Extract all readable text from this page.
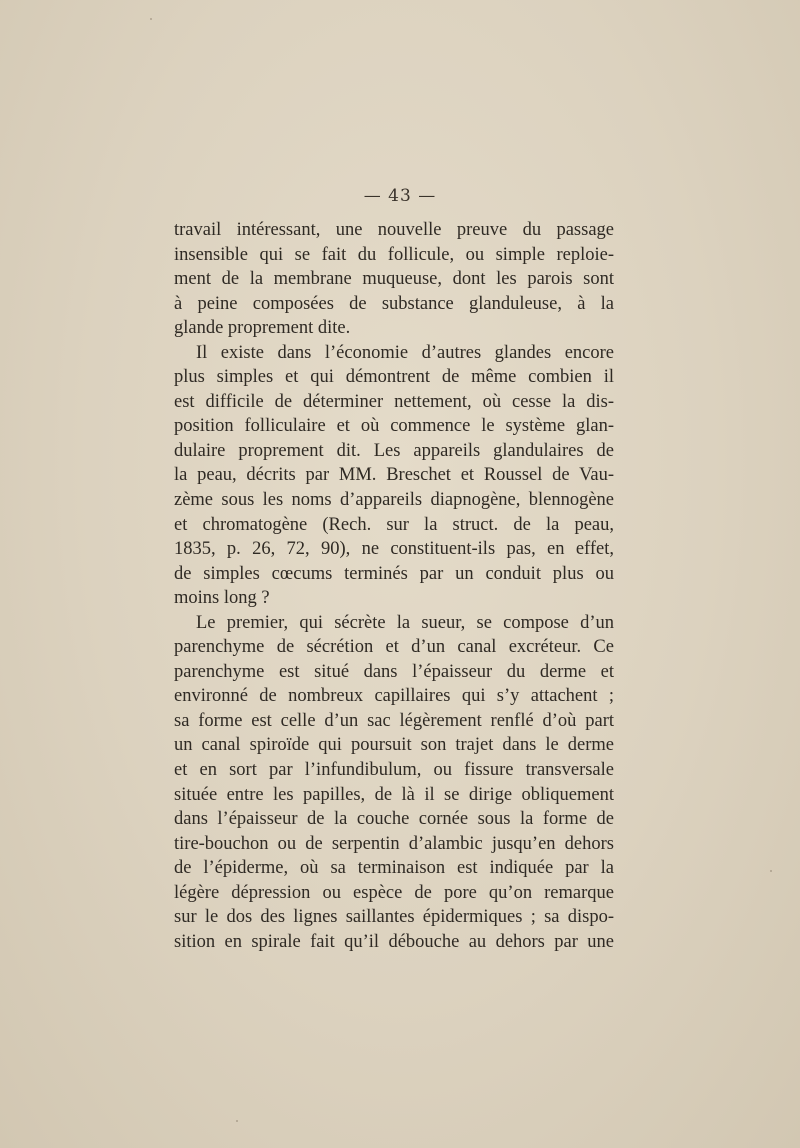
— 43 —
travail intéressant, une nouvelle preuve du passage
insensible qui se fait du follicule, ou simple reploie-
ment de la membrane muqueuse, dont les parois sont
à peine composées de substance glanduleuse, à la
glande proprement dite.
Il existe dans l’économie d’autres glandes encore
plus simples et qui démontrent de même combien il
est difficile de déterminer nettement, où cesse la dis-
position folliculaire et où commence le système glan-
dulaire proprement dit. Les appareils glandulaires de
la peau, décrits par MM. Breschet et Roussel de Vau-
zème sous les noms d’appareils diapnogène, blennogène
et chromatogène (Rech. sur la struct. de la peau,
1835, p. 26, 72, 90), ne constituent-ils pas, en effet,
de simples cœcums terminés par un conduit plus ou
moins long ?
Le premier, qui sécrète la sueur, se compose d’un
parenchyme de sécrétion et d’un canal excréteur. Ce
parenchyme est situé dans l’épaisseur du derme et
environné de nombreux capillaires qui s’y attachent ;
sa forme est celle d’un sac légèrement renflé d’où part
un canal spiroïde qui poursuit son trajet dans le derme
et en sort par l’infundibulum, ou fissure transversale
située entre les papilles, de là il se dirige obliquement
dans l’épaisseur de la couche cornée sous la forme de
tire-bouchon ou de serpentin d’alambic jusqu’en dehors
de l’épiderme, où sa terminaison est indiquée par la
légère dépression ou espèce de pore qu’on remarque
sur le dos des lignes saillantes épidermiques ; sa dispo-
sition en spirale fait qu’il débouche au dehors par une
